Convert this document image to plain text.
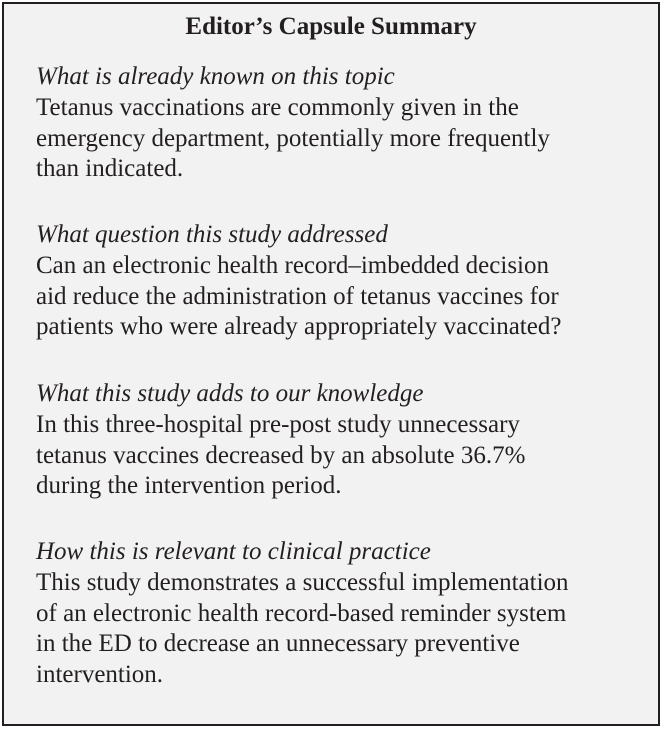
Editor’s Capsule Summary
What is already known on this topic
Tetanus vaccinations are commonly given in the
emergency department, potentially more frequently
than indicated.
What question this study addressed
Can an electronic health record–imbedded decision
aid reduce the administration of tetanus vaccines for
patients who were already appropriately vaccinated?
What this study adds to our knowledge
In this three-hospital pre-post study unnecessary
tetanus vaccines decreased by an absolute 36.7%
during the intervention period.
How this is relevant to clinical practice
This study demonstrates a successful implementation
of an electronic health record-based reminder system
in the ED to decrease an unnecessary preventive
intervention.
